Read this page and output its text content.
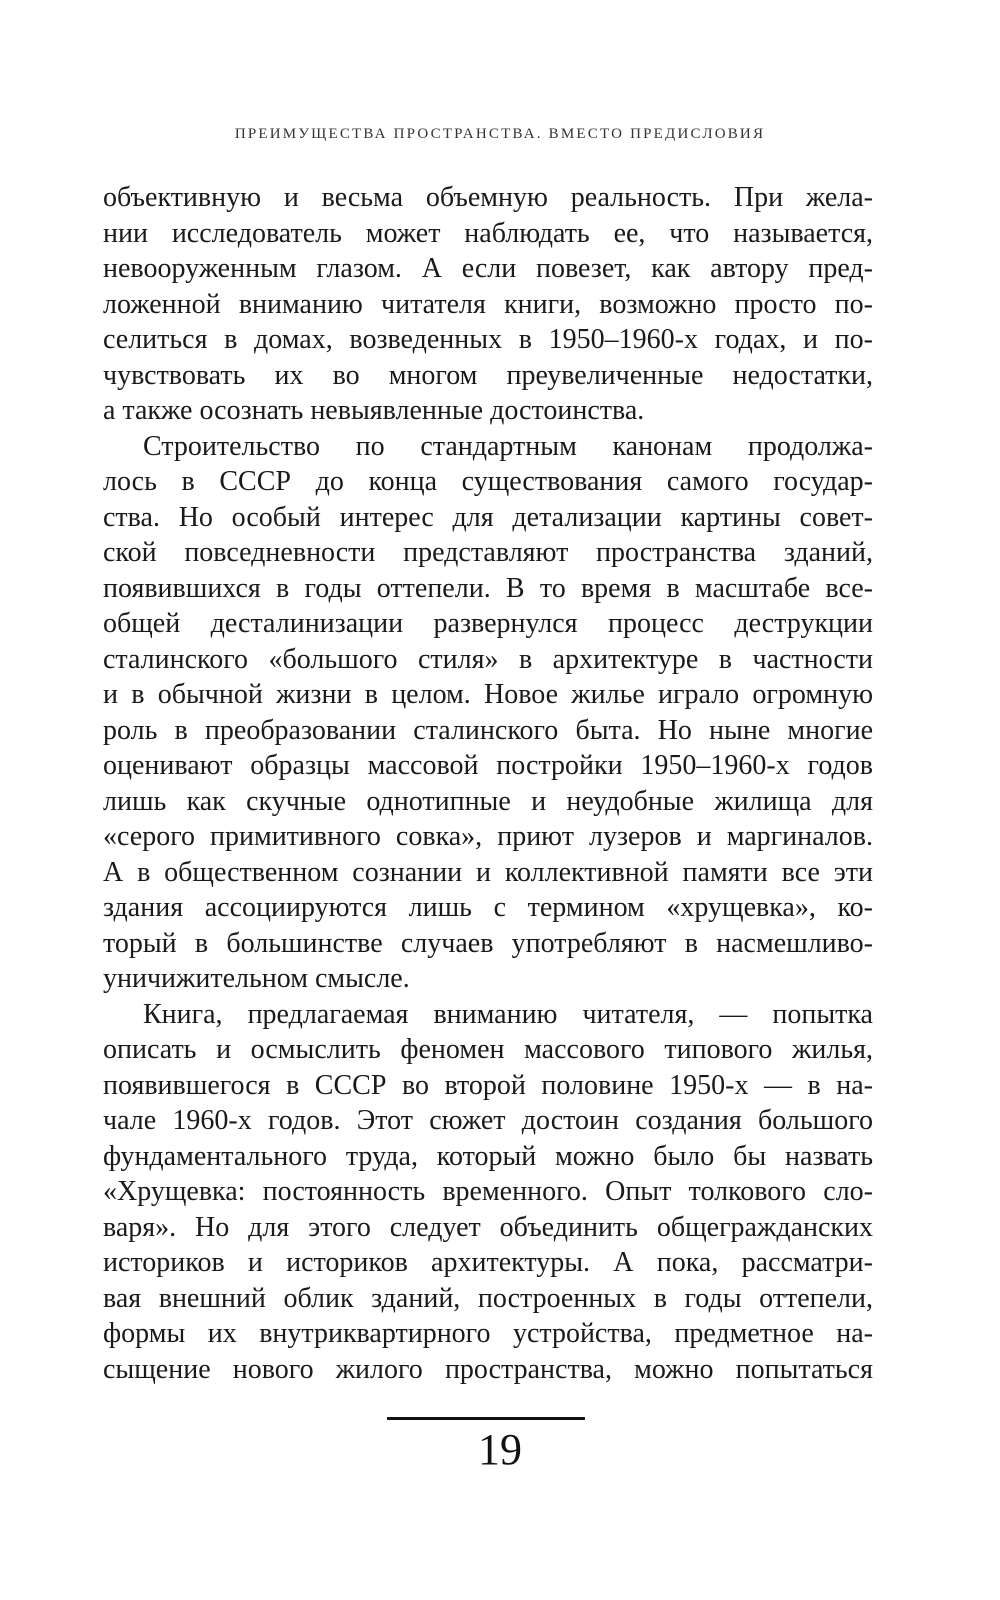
ПРЕИМУЩЕСТВА ПРОСТРАНСТВА. ВМЕСТО ПРЕДИСЛОВИЯ
объективную и весьма объемную реальность. При жела-
нии исследователь может наблюдать ее, что называется,
невооруженным глазом. А если повезет, как автору пред-
ложенной вниманию читателя книги, возможно просто по-
селиться в домах, возведенных в 1950–1960-х годах, и по-
чувствовать их во многом преувеличенные недостатки,
а также осознать невыявленные достоинства.
Строительство по стандартным канонам продолжа-
лось в СССР до конца существования самого государ-
ства. Но особый интерес для детализации картины совет-
ской повседневности представляют пространства зданий,
появившихся в годы оттепели. В то время в масштабе все-
общей десталинизации развернулся процесс деструкции
сталинского «большого стиля» в архитектуре в частности
и в обычной жизни в целом. Новое жилье играло огромную
роль в преобразовании сталинского быта. Но ныне многие
оценивают образцы массовой постройки 1950–1960-х годов
лишь как скучные однотипные и неудобные жилища для
«серого примитивного совка», приют лузеров и маргиналов.
А в общественном сознании и коллективной памяти все эти
здания ассоциируются лишь с термином «хрущевка», ко-
торый в большинстве случаев употребляют в насмешливо-
уничижительном смысле.
Книга, предлагаемая вниманию читателя, — попытка
описать и осмыслить феномен массового типового жилья,
появившегося в СССР во второй половине 1950-х — в на-
чале 1960-х годов. Этот сюжет достоин создания большого
фундаментального труда, который можно было бы назвать
«Хрущевка: постоянность временного. Опыт толкового сло-
варя». Но для этого следует объединить общегражданских
историков и историков архитектуры. А пока, рассматри-
вая внешний облик зданий, построенных в годы оттепели,
формы их внутриквартирного устройства, предметное на-
сыщение нового жилого пространства, можно попытаться
19
